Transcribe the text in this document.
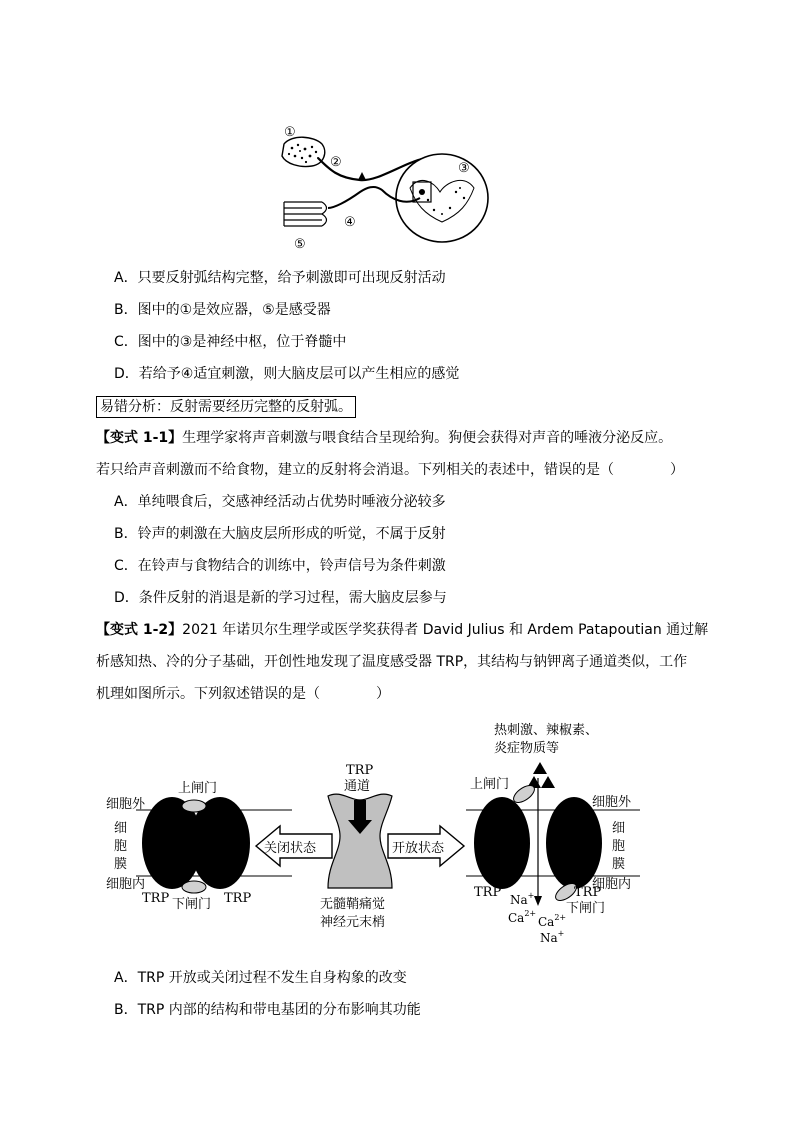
①
②	③
④
⑤
A．只要反射弧结构完整，给予刺激即可出现反射活动
B．图中的①是效应器，⑤是感受器
C．图中的③是神经中枢，位于脊髓中
D．若给予④适宜刺激，则大脑皮层可以产生相应的感觉
易错分析：反射需要经历完整的反射弧。
【变式 1-1】生理学家将声音刺激与喂食结合呈现给狗。狗便会获得对声音的唾液分泌反应。
若只给声音刺激而不给食物，建立的反射将会消退。下列相关的表述中，错误的是（　　　　）
A．单纯喂食后，交感神经活动占优势时唾液分泌较多
B．铃声的刺激在大脑皮层所形成的听觉，不属于反射
C．在铃声与食物结合的训练中，铃声信号为条件刺激
D．条件反射的消退是新的学习过程，需大脑皮层参与
【变式 1-2】2021 年诺贝尔生理学或医学奖获得者 David Julius 和 Ardem Patapoutian 通过解
析感知热、冷的分子基础，开创性地发现了温度感受器 TRP，其结构与钠钾离子通道类似，工作
机理如图所示。下列叙述错误的是（　　　　）
细胞外
细胞内
细
胞
膜
上闸门
下闸门
TRP	TRP
关闭状态
TRP
通道
无髓鞘痛觉
神经元末梢
开放状态
热刺激、辣椒素、
炎症物质等
细胞外
细胞内
细
胞
膜
上闸门
下闸门
TRP	TRP
Na+
$Ca^{2+}$
$Ca^{2+}$
Na+
A．TRP 开放或关闭过程不发生自身构象的改变
B．TRP 内部的结构和带电基团的分布影响其功能
